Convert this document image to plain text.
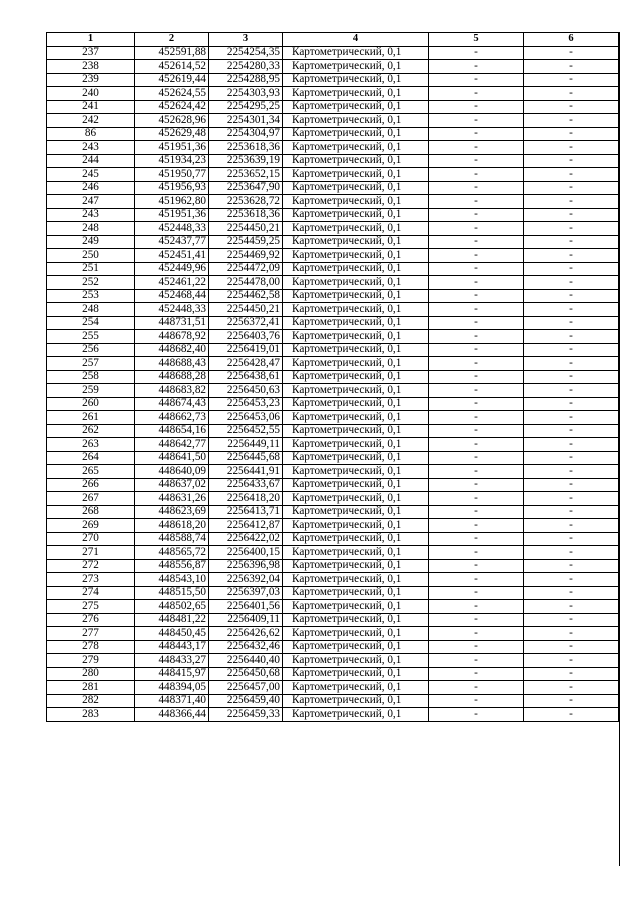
1	2	3	4	5	6
237	452591,88	2254254,35	Картометрический, 0,1	-	-
238	452614,52	2254280,33	Картометрический, 0,1	-	-
239	452619,44	2254288,95	Картометрический, 0,1	-	-
240	452624,55	2254303,93	Картометрический, 0,1	-	-
241	452624,42	2254295,25	Картометрический, 0,1	-	-
242	452628,96	2254301,34	Картометрический, 0,1	-	-
86	452629,48	2254304,97	Картометрический, 0,1	-	-
243	451951,36	2253618,36	Картометрический, 0,1	-	-
244	451934,23	2253639,19	Картометрический, 0,1	-	-
245	451950,77	2253652,15	Картометрический, 0,1	-	-
246	451956,93	2253647,90	Картометрический, 0,1	-	-
247	451962,80	2253628,72	Картометрический, 0,1	-	-
243	451951,36	2253618,36	Картометрический, 0,1	-	-
248	452448,33	2254450,21	Картометрический, 0,1	-	-
249	452437,77	2254459,25	Картометрический, 0,1	-	-
250	452451,41	2254469,92	Картометрический, 0,1	-	-
251	452449,96	2254472,09	Картометрический, 0,1	-	-
252	452461,22	2254478,00	Картометрический, 0,1	-	-
253	452468,44	2254462,58	Картометрический, 0,1	-	-
248	452448,33	2254450,21	Картометрический, 0,1	-	-
254	448731,51	2256372,41	Картометрический, 0,1	-	-
255	448678,92	2256403,76	Картометрический, 0,1	-	-
256	448682,40	2256419,01	Картометрический, 0,1	-	-
257	448688,43	2256428,47	Картометрический, 0,1	-	-
258	448688,28	2256438,61	Картометрический, 0,1	-	-
259	448683,82	2256450,63	Картометрический, 0,1	-	-
260	448674,43	2256453,23	Картометрический, 0,1	-	-
261	448662,73	2256453,06	Картометрический, 0,1	-	-
262	448654,16	2256452,55	Картометрический, 0,1	-	-
263	448642,77	2256449,11	Картометрический, 0,1	-	-
264	448641,50	2256445,68	Картометрический, 0,1	-	-
265	448640,09	2256441,91	Картометрический, 0,1	-	-
266	448637,02	2256433,67	Картометрический, 0,1	-	-
267	448631,26	2256418,20	Картометрический, 0,1	-	-
268	448623,69	2256413,71	Картометрический, 0,1	-	-
269	448618,20	2256412,87	Картометрический, 0,1	-	-
270	448588,74	2256422,02	Картометрический, 0,1	-	-
271	448565,72	2256400,15	Картометрический, 0,1	-	-
272	448556,87	2256396,98	Картометрический, 0,1	-	-
273	448543,10	2256392,04	Картометрический, 0,1	-	-
274	448515,50	2256397,03	Картометрический, 0,1	-	-
275	448502,65	2256401,56	Картометрический, 0,1	-	-
276	448481,22	2256409,11	Картометрический, 0,1	-	-
277	448450,45	2256426,62	Картометрический, 0,1	-	-
278	448443,17	2256432,46	Картометрический, 0,1	-	-
279	448433,27	2256440,40	Картометрический, 0,1	-	-
280	448415,97	2256450,68	Картометрический, 0,1	-	-
281	448394,05	2256457,00	Картометрический, 0,1	-	-
282	448371,40	2256459,40	Картометрический, 0,1	-	-
283	448366,44	2256459,33	Картометрический, 0,1	-	-
